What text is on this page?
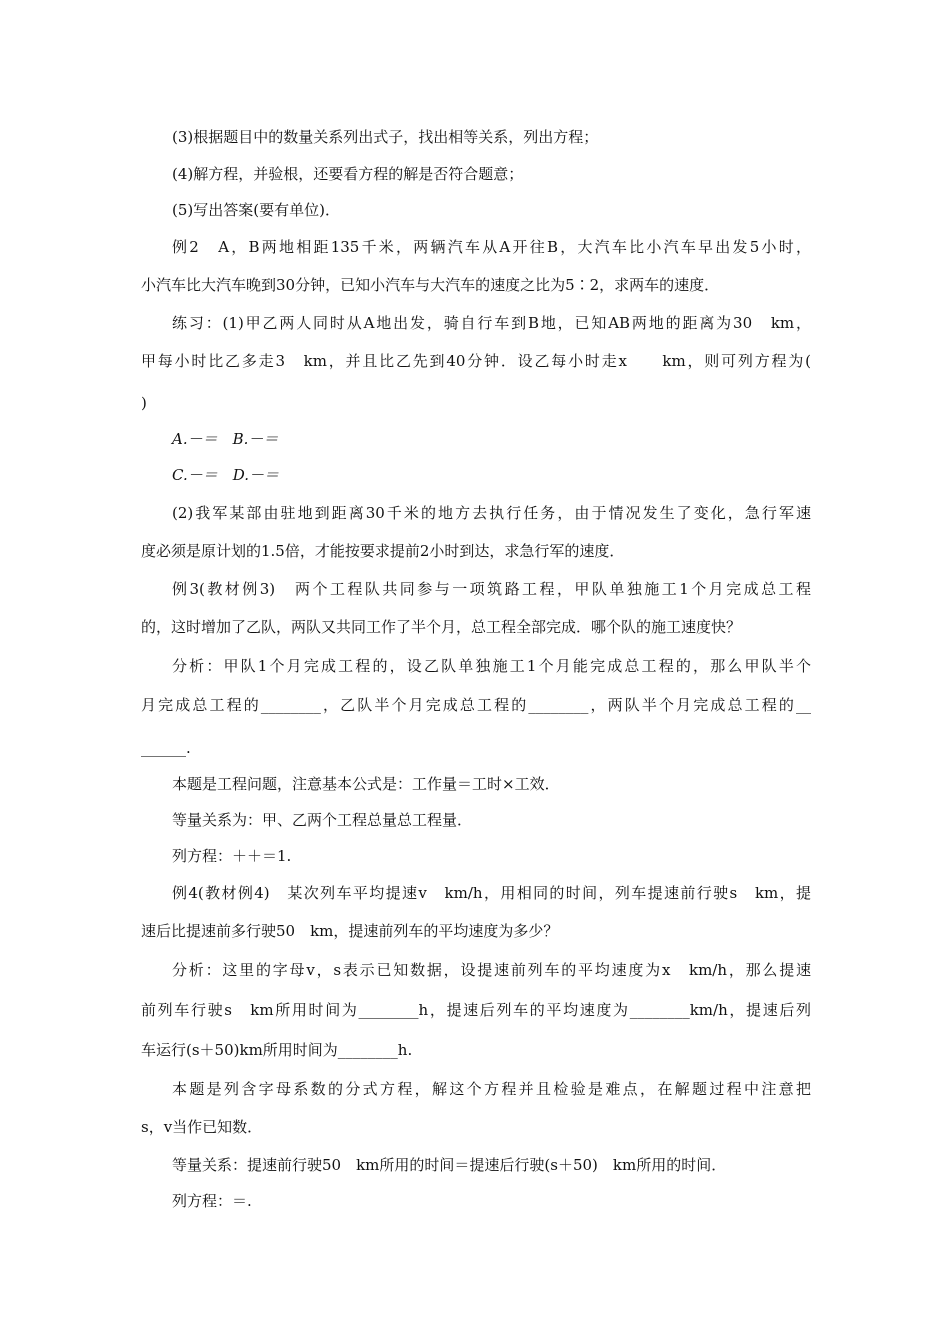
(3)根据题目中的数量关系列出式子，找出相等关系，列出方程；
(4)解方程，并验根，还要看方程的解是否符合题意；
(5)写出答案(要有单位)．
例2　A，B两地相距135千米，两辆汽车从A开往B，大汽车比小汽车早出发5小时，
小汽车比大汽车晚到30分钟，已知小汽车与大汽车的速度之比为5∶2，求两车的速度．
练习：(1)甲乙两人同时从A地出发，骑自行车到B地，已知AB两地的距离为30　km，
甲每小时比乙多走3　km，并且比乙先到40分钟．设乙每小时走x　　km，则可列方程为(
)
A.－＝　B.－＝
C.－＝　D.－＝
(2)我军某部由驻地到距离30千米的地方去执行任务，由于情况发生了变化，急行军速
度必须是原计划的1.5倍，才能按要求提前2小时到达，求急行军的速度．
例3(教材例3)　两个工程队共同参与一项筑路工程，甲队单独施工1个月完成总工程
的，这时增加了乙队，两队又共同工作了半个月，总工程全部完成．哪个队的施工速度快？
分析：甲队1个月完成工程的，设乙队单独施工1个月能完成总工程的，那么甲队半个
月完成总工程的________，乙队半个月完成总工程的________，两队半个月完成总工程的__
______.
本题是工程问题，注意基本公式是：工作量＝工时×工效．
等量关系为：甲、乙两个工程总量总工程量．
列方程：＋＋＝1.
例4(教材例4)　某次列车平均提速v　km/h，用相同的时间，列车提速前行驶s　km，提
速后比提速前多行驶50　km，提速前列车的平均速度为多少？
分析：这里的字母v，s表示已知数据，设提速前列车的平均速度为x　km/h，那么提速
前列车行驶s　km所用时间为________h，提速后列车的平均速度为________km/h，提速后列
车运行(s＋50)km所用时间为________h.
本题是列含字母系数的分式方程，解这个方程并且检验是难点，在解题过程中注意把
s，v当作已知数．
等量关系：提速前行驶50　km所用的时间＝提速后行驶(s＋50)　km所用的时间．
列方程：＝.
